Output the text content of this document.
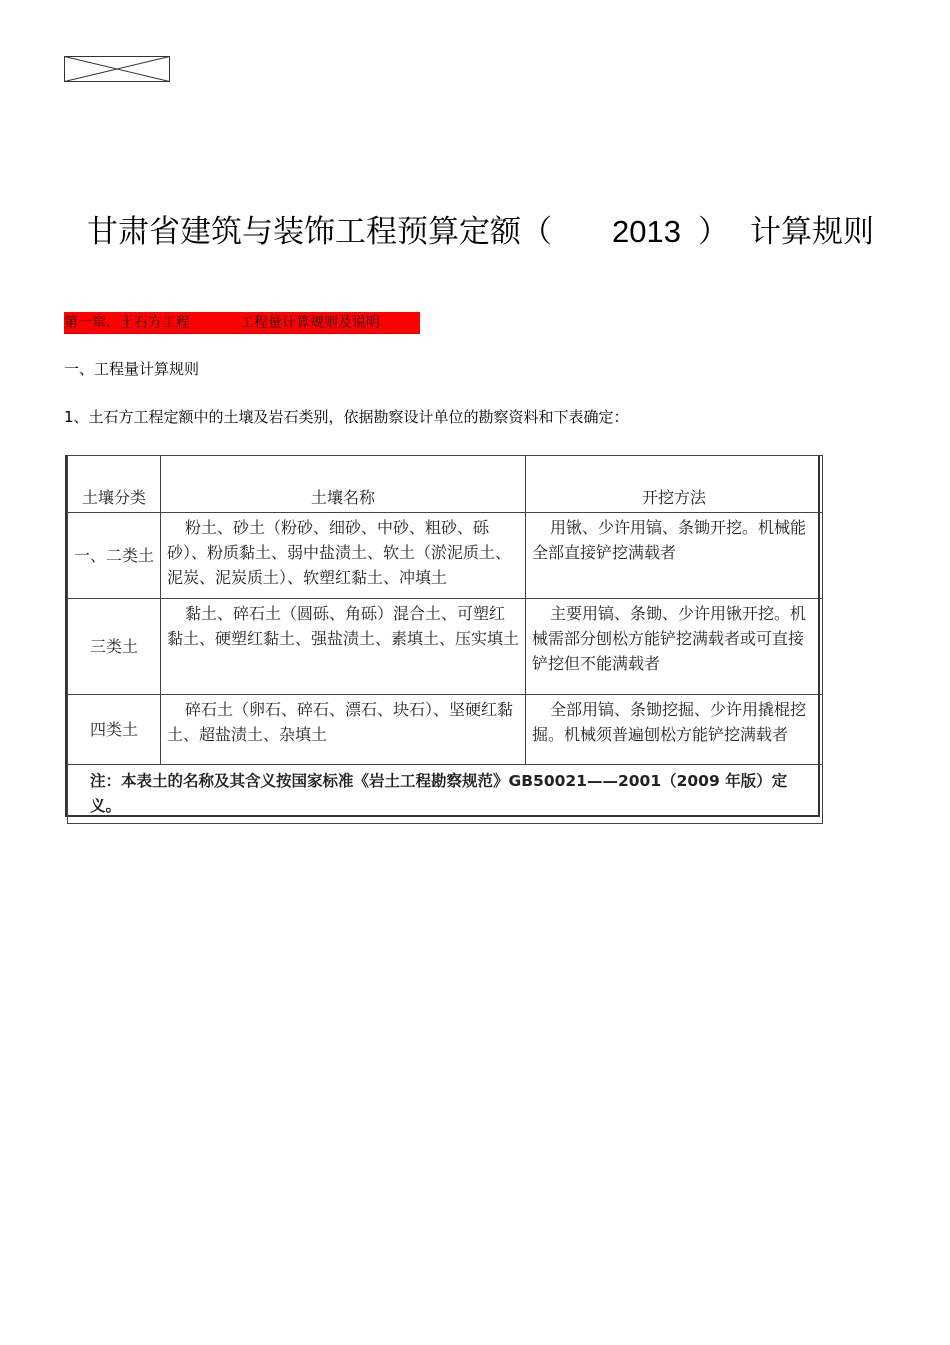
甘肃省建筑与装饰工程预算定额（ 2013 ） 计算规则
第一章、土石方工程	工程量计算规则及说明
一、工程量计算规则
1、土石方工程定额中的土壤及岩石类别，依据勘察设计单位的勘察资料和下表确定：
土壤分类	土壤名称	开挖方法
一、二类土	粉土、砂土（粉砂、细砂、中砂、粗砂、砾砂）、粉质黏土、弱中盐渍土、软土（淤泥质土、泥炭、泥炭质土）、软塑红黏土、冲填土	用锹、少许用镐、条锄开挖。机械能全部直接铲挖满载者
三类土	黏土、碎石土（圆砾、角砾）混合土、可塑红黏土、硬塑红黏土、强盐渍土、素填土、压实填土	主要用镐、条锄、少许用锹开挖。机械需部分刨松方能铲挖满载者或可直接铲挖但不能满载者
四类土	碎石土（卵石、碎石、漂石、块石）、坚硬红黏土、超盐渍土、杂填土	全部用镐、条锄挖掘、少许用撬棍挖掘。机械须普遍刨松方能铲挖满载者
注：本表土的名称及其含义按国家标准《岩土工程勘察规范》GB50021——2001（2009 年版）定义。		
